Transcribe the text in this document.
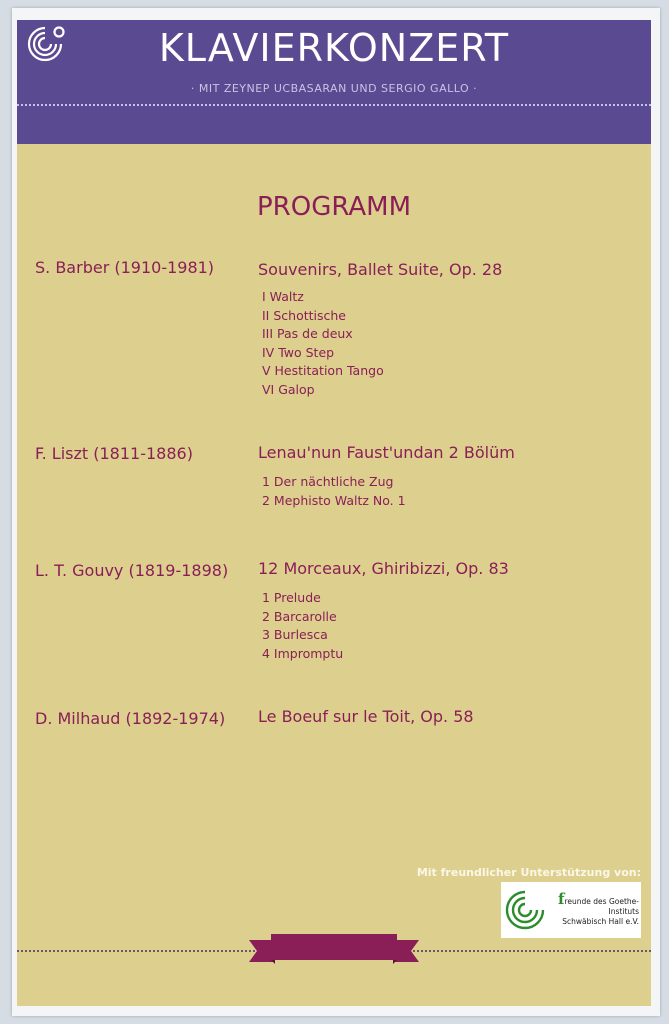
KLAVIERKONZERT
· MIT ZEYNEP UCBASARAN UND SERGIO GALLO ·
PROGRAMM
S. Barber (1910-1981)	Souvenirs, Ballet Suite, Op. 28
I Waltz
II Schottische
III Pas de deux
IV Two Step
V Hestitation Tango
VI Galop
F. Liszt (1811-1886)	Lenau'nun Faust'undan 2 Bölüm
1 Der nächtliche Zug
2 Mephisto Waltz No. 1
L. T. Gouvy (1819-1898) 12 Morceaux, Ghiribizzi, Op. 83
1 Prelude
2 Barcarolle
3 Burlesca
4 Impromptu
D. Milhaud (1892-1974) Le Boeuf sur le Toit, Op. 58
Mit freundlicher Unterstützung von:
freunde des Goethe-Instituts
Schwäbisch Hall e.V.
